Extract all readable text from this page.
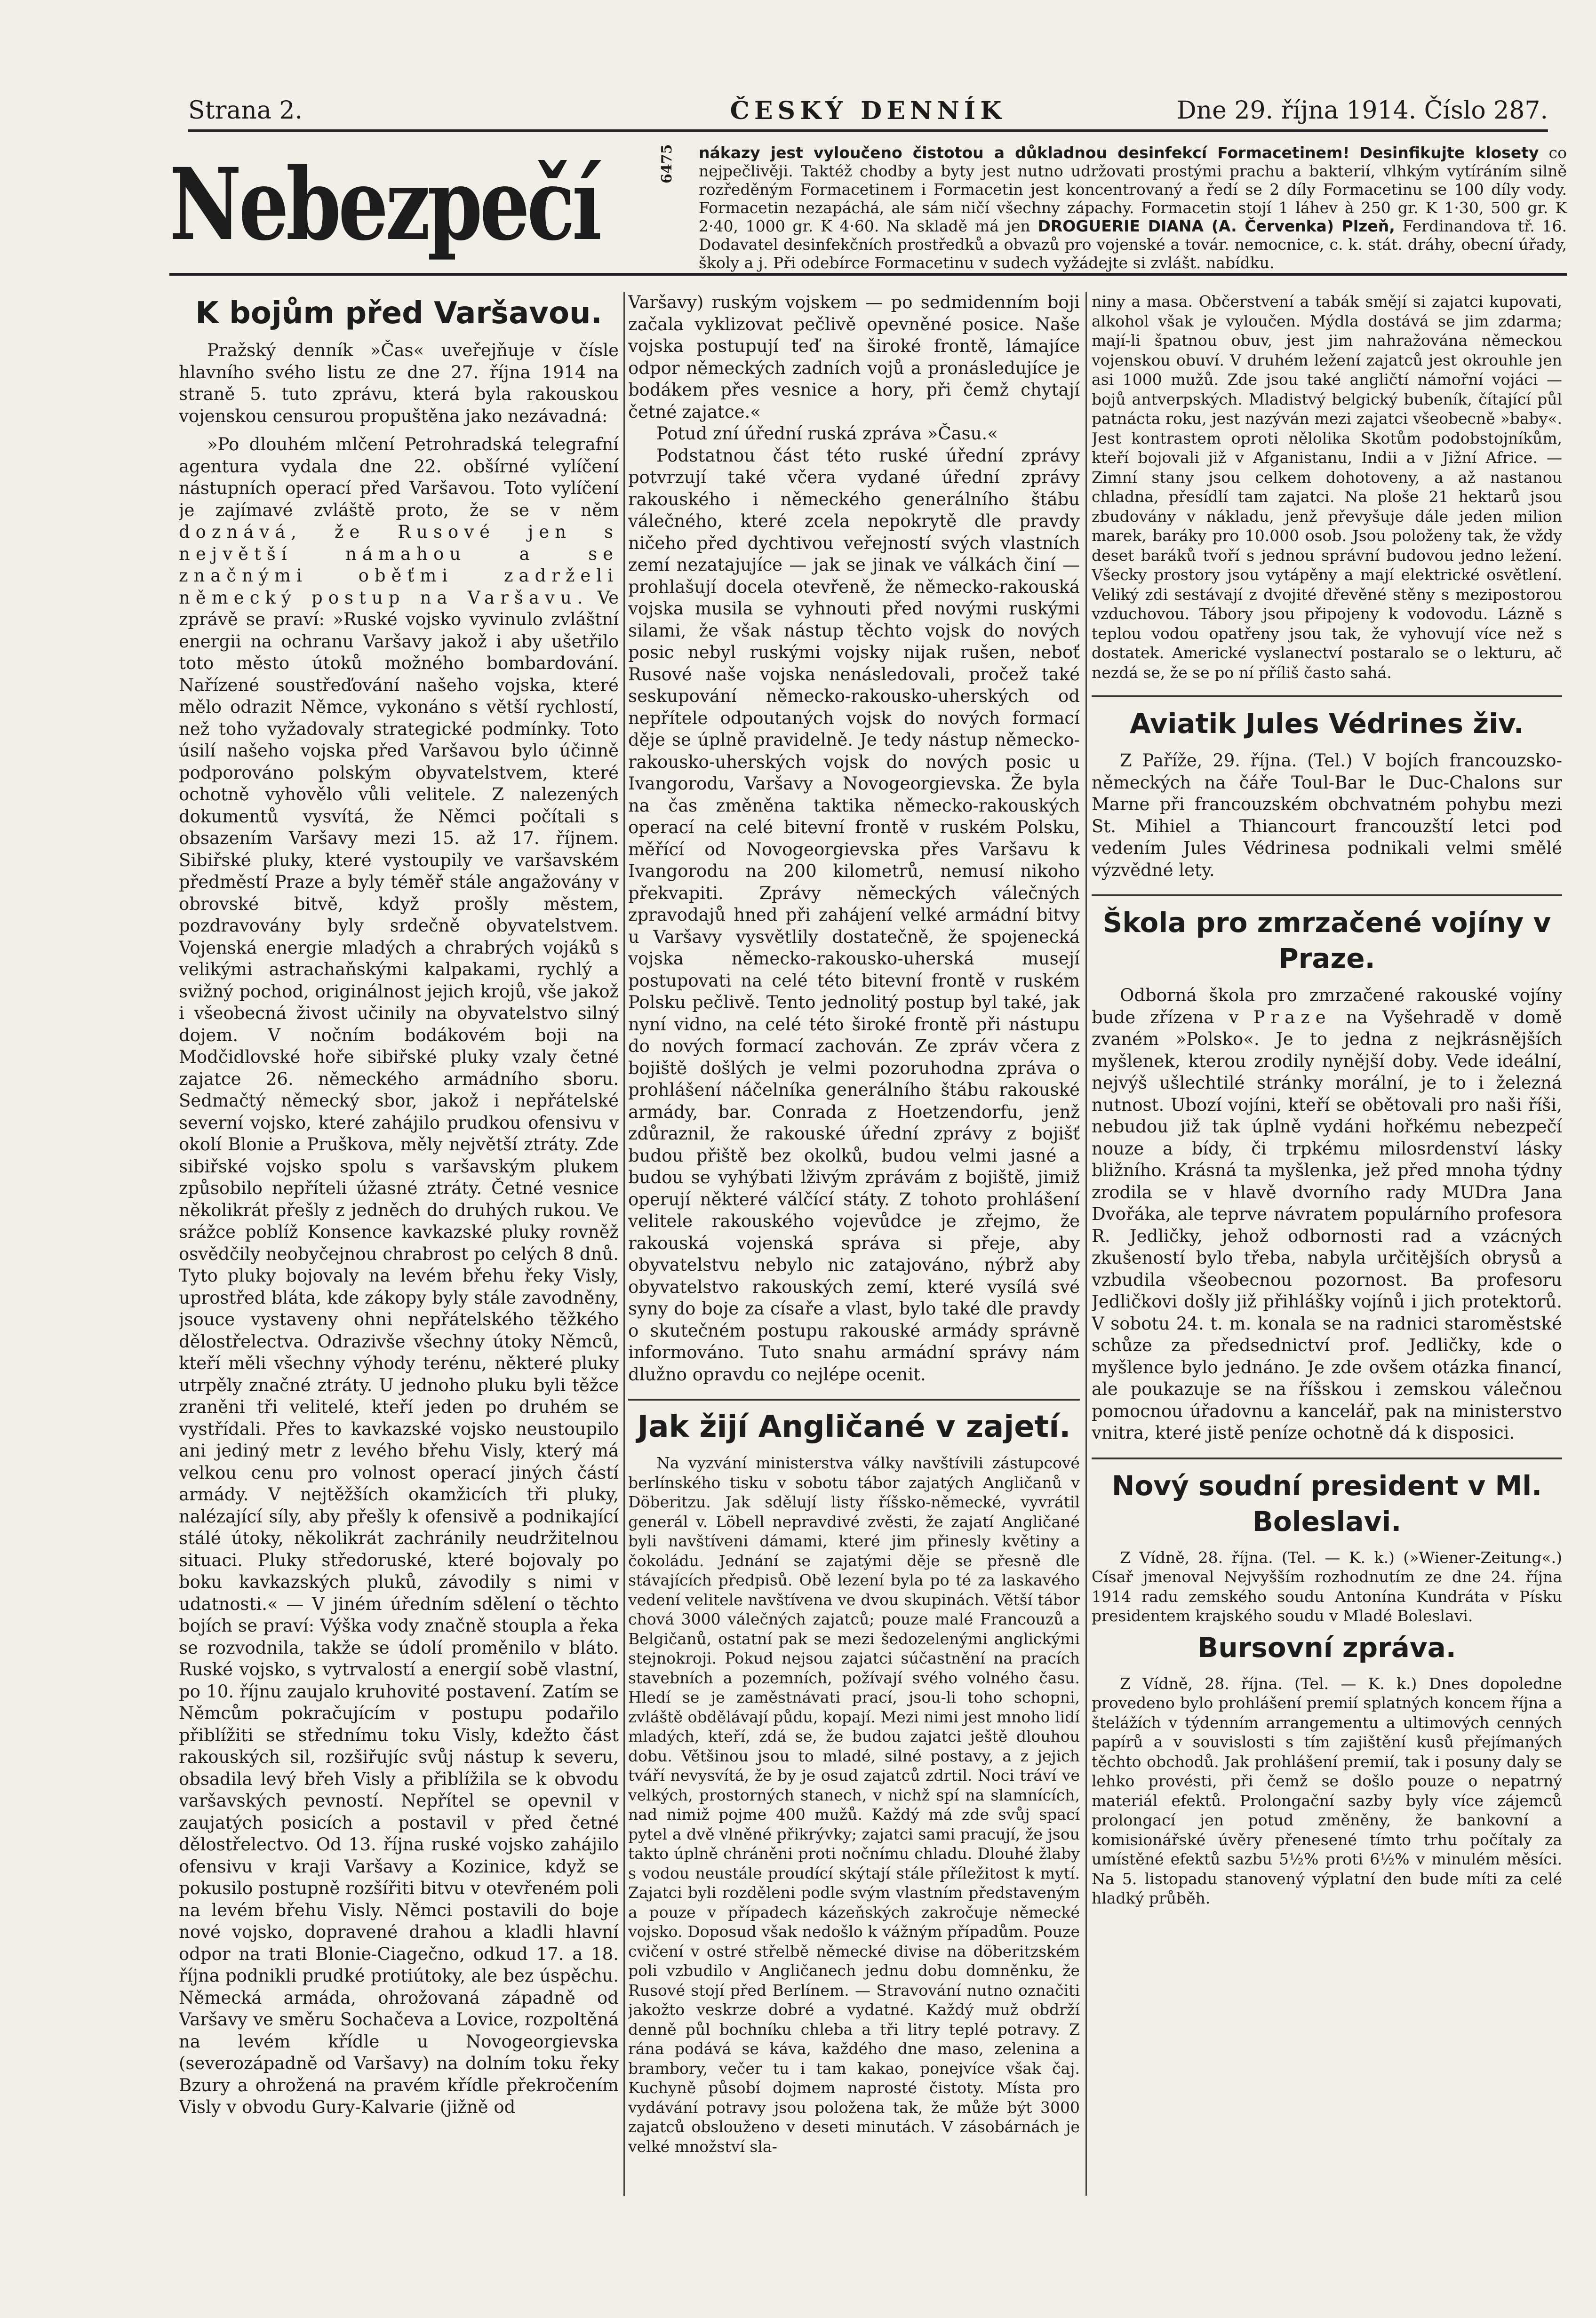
Strana 2.	ČESKÝ DENNÍK	Dne 29. října 1914. Číslo 287.
Nebezpečí	6475 nákazy jest vyloučeno čistotou a důkladnou desinfekcí Formacetinem! Desinfikujte klosety co nejpečlivěji. Taktéž chodby a byty jest nutno udržovati prostými prachu a bakterií, vlhkým vytíráním silně rozředěným Formacetinem i Formacetin jest koncentrovaný a ředí se 2 díly Formacetinu se 100 díly vody. Formacetin nezapáchá, ale sám ničí všechny zápachy. Formacetin stojí 1 láhev à 250 gr. K 1·30, 500 gr. K 2·40, 1000 gr. K 4·60. Na skladě má jen DROGUERIE DIANA (A. Červenka) Plzeň, Ferdinandova tř. 16. Dodavatel desinfekčních prostředků a obvazů pro vojenské a továr. nemocnice, c. k. stát. dráhy, obecní úřady, školy a j. Při odebírce Formacetinu v sudech vyžádejte si zvlášt. nabídku.
K bojům před Varšavou.

Pražský denník »Čas« uveřejňuje v čísle hlavního svého listu ze dne 27. října 1914 na straně 5. tuto zprávu, která byla rakouskou vojenskou censurou propuštěna jako nezávadná:

»Po dlouhém mlčení Petrohradská telegrafní agentura vydala dne 22. obšírné vylíčení nástupních operací před Varšavou. Toto vylíčení je zajímavé zvláště proto, že se v něm doznává, že Rusové jen s největší námahou a se značnými oběťmi zadrželi německý postup na Varšavu. Ve zprávě se praví: »Ruské vojsko vyvinulo zvláštní energii na ochranu Varšavy jakož i aby ušetřilo toto město útoků možného bombardování. Nařízené soustřeďování našeho vojska, které mělo odrazit Němce, vykonáno s větší rychlostí, než toho vyžadovaly strategické podmínky. Toto úsilí našeho vojska před Varšavou bylo účinně podporováno polským obyvatelstvem, které ochotně vyhovělo vůli velitele. Z nalezených dokumentů vysvítá, že Němci počítali s obsazením Varšavy mezi 15. až 17. říjnem. Sibiřské pluky, které vystoupily ve varšavském předměstí Praze a byly téměř stále angažovány v obrovské bitvě, když prošly městem, pozdravovány byly srdečně obyvatelstvem. Vojenská energie mladých a chrabrých vojáků s velikými astrachaňskými kalpakami, rychlý a svižný pochod, originálnost jejich krojů, vše jakož i všeobecná živost učinily na obyvatelstvo silný dojem. V nočním bodákovém boji na Modčidlovské hoře sibiřské pluky vzaly četné zajatce 26. německého armádního sboru. Sedmačtý německý sbor, jakož i nepřátelské severní vojsko, které zahájilo prudkou ofensivu v okolí Blonie a Pruškova, měly největší ztráty. Zde sibiřské vojsko spolu s varšavským plukem způsobilo nepříteli úžasné ztráty. Četné vesnice několikrát přešly z jedněch do druhých rukou. Ve srážce poblíž Konsence kavkazské pluky rovněž osvědčily neobyčejnou chrabrost po celých 8 dnů. Tyto pluky bojovaly na levém břehu řeky Visly, uprostřed bláta, kde zákopy byly stále zavodněny, jsouce vystaveny ohni nepřátelského těžkého dělostřelectva. Odrazivše všechny útoky Němců, kteří měli všechny výhody terénu, některé pluky utrpěly značné ztráty. U jednoho pluku byli těžce zraněni tři velitelé, kteří jeden po druhém se vystřídali. Přes to kavkazské vojsko neustoupilo ani jediný metr z levého břehu Visly, který má velkou cenu pro volnost operací jiných částí armády. V nejtěžších okamžicích tři pluky, nalézající síly, aby přešly k ofensivě a podnikající stálé útoky, několikrát zachránily neudržitelnou situaci. Pluky středoruské, které bojovaly po boku kavkazských pluků, závodily s nimi v udatnosti.« — V jiném úředním sdělení o těchto bojích se praví: Výška vody značně stoupla a řeka se rozvodnila, takže se údolí proměnilo v bláto. Ruské vojsko, s vytrvalostí a energií sobě vlastní, po 10. říjnu zaujalo kruhovité postavení. Zatím se Němcům pokračujícím v postupu podařilo přiblížiti se střednímu toku Visly, kdežto část rakouských sil, rozšiřujíc svůj nástup k severu, obsadila levý břeh Visly a přiblížila se k obvodu varšavských pevností. Nepřítel se opevnil v zaujatých posicích a postavil v před četné dělostřelectvo. Od 13. října ruské vojsko zahájilo ofensivu v kraji Varšavy a Kozinice, když se pokusilo postupně rozšířiti bitvu v otevřeném poli na levém břehu Visly. Němci postavili do boje nové vojsko, dopravené drahou a kladli hlavní odpor na trati Blonie-Ciagečno, odkud 17. a 18. října podnikli prudké protiútoky, ale bez úspěchu. Německá armáda, ohrožovaná západně od Varšavy ve směru Sochačeva a Lovice, rozpoltěná na levém křídle u Novogeorgievska (severozápadně od Varšavy) na dolním toku řeky Bzury a ohrožená na pravém křídle překročením Visly v obvodu Gury-Kalvarie (jižně od

Varšavy) ruským vojskem — po sedmidenním boji začala vyklizovat pečlivě opevněné posice. Naše vojska postupují teď na široké frontě, lámajíce odpor německých zadních vojů a pronásledujíce je bodákem přes vesnice a hory, při čemž chytají četné zajatce.«

Potud zní úřední ruská zpráva »Času.«

Podstatnou část této ruské úřední zprávy potvrzují také včera vydané úřední zprávy rakouského i německého generálního štábu válečného, které zcela nepokrytě dle pravdy ničeho před dychtivou veřejností svých vlastních zemí nezatajujíce — jak se jinak ve válkách činí — prohlašují docela otevřeně, že německo-rakouská vojska musila se vyhnouti před novými ruskými silami, že však nástup těchto vojsk do nových posic nebyl ruskými vojsky nijak rušen, neboť Rusové naše vojska nenásledovali, pročež také seskupování německo-rakousko-uherských od nepřítele odpoutaných vojsk do nových formací děje se úplně pravidelně. Je tedy nástup německo-rakousko-uherských vojsk do nových posic u Ivangorodu, Varšavy a Novogeorgievska. Že byla na čas změněna taktika německo-rakouských operací na celé bitevní frontě v ruském Polsku, měřící od Novogeorgievska přes Varšavu k Ivangorodu na 200 kilometrů, nemusí nikoho překvapiti. Zprávy německých válečných zpravodajů hned při zahájení velké armádní bitvy u Varšavy vysvětlily dostatečně, že spojenecká vojska německo-rakousko-uherská musejí postupovati na celé této bitevní frontě v ruském Polsku pečlivě. Tento jednolitý postup byl také, jak nyní vidno, na celé této široké frontě při nástupu do nových formací zachován. Ze zpráv včera z bojiště došlých je velmi pozoruhodna zpráva o prohlášení náčelníka generálního štábu rakouské armády, bar. Conrada z Hoetzendorfu, jenž zdůraznil, že rakouské úřední zprávy z bojišť budou přiště bez okolků, budou velmi jasné a budou se vyhýbati lživým zprávám z bojiště, jimiž operují některé válčící státy. Z tohoto prohlášení velitele rakouského vojevůdce je zřejmo, že rakouská vojenská správa si přeje, aby obyvatelstvu nebylo nic zatajováno, nýbrž aby obyvatelstvo rakouských zemí, které vysílá své syny do boje za císaře a vlast, bylo také dle pravdy o skutečném postupu rakouské armády správně informováno. Tuto snahu armádní správy nám dlužno opravdu co nejlépe ocenit.

Jak žijí Angličané v zajetí.

Na vyzvání ministerstva války navštívili zástupcové berlínského tisku v sobotu tábor zajatých Angličanů v Döberitzu. Jak sdělují listy říšsko-německé, vyvrátil generál v. Löbell nepravdivé zvěsti, že zajatí Angličané byli navštíveni dámami, které jim přinesly květiny a čokoládu. Jednání se zajatými děje se přesně dle stávajících předpisů. Obě lezení byla po té za laskavého vedení velitele navštívena ve dvou skupinách. Větší tábor chová 3000 válečných zajatců; pouze malé Francouzů a Belgičanů, ostatní pak se mezi šedozelenými anglickými stejnokroji. Pokud nejsou zajatci súčastnění na pracích stavebních a pozemních, požívají svého volného času. Hledí se je zaměstnávati prací, jsou-li toho schopni, zvláště obdělávají půdu, kopají. Mezi nimi jest mnoho lidí mladých, kteří, zdá se, že budou zajatci ještě dlouhou dobu. Většinou jsou to mladé, silné postavy, a z jejich tváří nevysvítá, že by je osud zajatců zdrtil. Noci tráví ve velkých, prostorných stanech, v nichž spí na slamnících, nad nimiž pojme 400 mužů. Každý má zde svůj spací pytel a dvě vlněné přikrývky; zajatci sami pracují, že jsou takto úplně chráněni proti nočnímu chladu. Dlouhé žlaby s vodou neustále proudící skýtají stále příležitost k mytí. Zajatci byli rozděleni podle svým vlastním představeným a pouze v případech kázeňských zakročuje německé vojsko. Doposud však nedošlo k vážným případům. Pouze cvičení v ostré střelbě německé divise na döberitzském poli vzbudilo v Angličanech jednu dobu domněnku, že Rusové stojí před Berlínem. — Stravování nutno označiti jakožto veskrze dobré a vydatné. Každý muž obdrží denně půl bochníku chleba a tři litry teplé potravy. Z rána podává se káva, každého dne maso, zelenina a brambory, večer tu i tam kakao, ponejvíce však čaj. Kuchyně působí dojmem naprosté čistoty. Místa pro vydávání potravy jsou položena tak, že může být 3000 zajatců obslouženo v deseti minutách. V zásobárnách je velké množství sla-

niny a masa. Občerstvení a tabák smějí si zajatci kupovati, alkohol však je vyloučen. Mýdla dostává se jim zdarma; mají-li špatnou obuv, jest jim nahražována německou vojenskou obuví. V druhém ležení zajatců jest okrouhle jen asi 1000 mužů. Zde jsou také angličtí námořní vojáci — bojů antverpských. Mladistvý belgický bubeník, čítající půl patnácta roku, jest nazýván mezi zajatci všeobecně »baby«. Jest kontrastem oproti nělolika Skotům podobstojníkům, kteří bojovali již v Afganistanu, Indii a v Jižní Africe. — Zimní stany jsou celkem dohotoveny, a až nastanou chladna, přesídlí tam zajatci. Na ploše 21 hektarů jsou zbudovány v nákladu, jenž převyšuje dále jeden milion marek, baráky pro 10.000 osob. Jsou položeny tak, že vždy deset baráků tvoří s jednou správní budovou jedno ležení. Všecky prostory jsou vytápěny a mají elektrické osvětlení. Veliký zdi sestávají z dvojité dřevěné stěny s mezipostorou vzduchovou. Tábory jsou připojeny k vodovodu. Lázně s teplou vodou opatřeny jsou tak, že vyhovují více než s dostatek. Americké vyslanectví postaralo se o lekturu, ač nezdá se, že se po ní příliš často sahá.

Aviatik Jules Védrines živ.

Z Paříže, 29. října. (Tel.) V bojích francouzsko-německých na čáře Toul-Bar le Duc-Chalons sur Marne při francouzském obchvatném pohybu mezi St. Mihiel a Thiancourt francouzští letci pod vedením Jules Védrinesa podnikali velmi smělé výzvědné lety.

Škola pro zmrzačené vojíny v Praze.

Odborná škola pro zmrzačené rakouské vojíny bude zřízena v Praze na Vyšehradě v domě zvaném »Polsko«. Je to jedna z nejkrásnějších myšlenek, kterou zrodily nynější doby. Vede ideální, nejvýš ušlechtilé stránky morální, je to i železná nutnost. Ubozí vojíni, kteří se obětovali pro naši říši, nebudou již tak úplně vydáni hořkému nebezpečí nouze a bídy, či trpkému milosrdenství lásky bližního. Krásná ta myšlenka, jež před mnoha týdny zrodila se v hlavě dvorního rady MUDra Jana Dvořáka, ale teprve návratem populárního profesora R. Jedličky, jehož odbornosti rad a vzácných zkušeností bylo třeba, nabyla určitějších obrysů a vzbudila všeobecnou pozornost. Ba profesoru Jedličkovi došly již přihlášky vojínů i jich protektorů. V sobotu 24. t. m. konala se na radnici staroměstské schůze za předsednictví prof. Jedličky, kde o myšlence bylo jednáno. Je zde ovšem otázka financí, ale poukazuje se na říšskou i zemskou válečnou pomocnou úřadovnu a kancelář, pak na ministerstvo vnitra, které jistě peníze ochotně dá k disposici.

Nový soudní president v Ml. Boleslavi.

Z Vídně, 28. října. (Tel. — K. k.) (»Wiener-Zeitung«.) Císař jmenoval Nejvyšším rozhodnutím ze dne 24. října 1914 radu zemského soudu Antonína Kundráta v Písku presidentem krajského soudu v Mladé Boleslavi.

Bursovní zpráva.

Z Vídně, 28. října. (Tel. — K. k.) Dnes dopoledne provedeno bylo prohlášení premií splatných koncem října a štelážích v týdenním arrangementu a ultimových cenných papírů a v souvislosti s tím zajištění kusů přejímaných těchto obchodů. Jak prohlášení premií, tak i posuny daly se lehko provésti, při čemž se došlo pouze o nepatrný materiál efektů. Prolongační sazby byly více zájemců prolongací jen potud změněny, že bankovní a komisionářské úvěry přenesené tímto trhu počítaly za umístěné efektů sazbu 5½% proti 6½% v minulém měsíci. Na 5. listopadu stanovený výplatní den bude míti za celé hladký průběh.
